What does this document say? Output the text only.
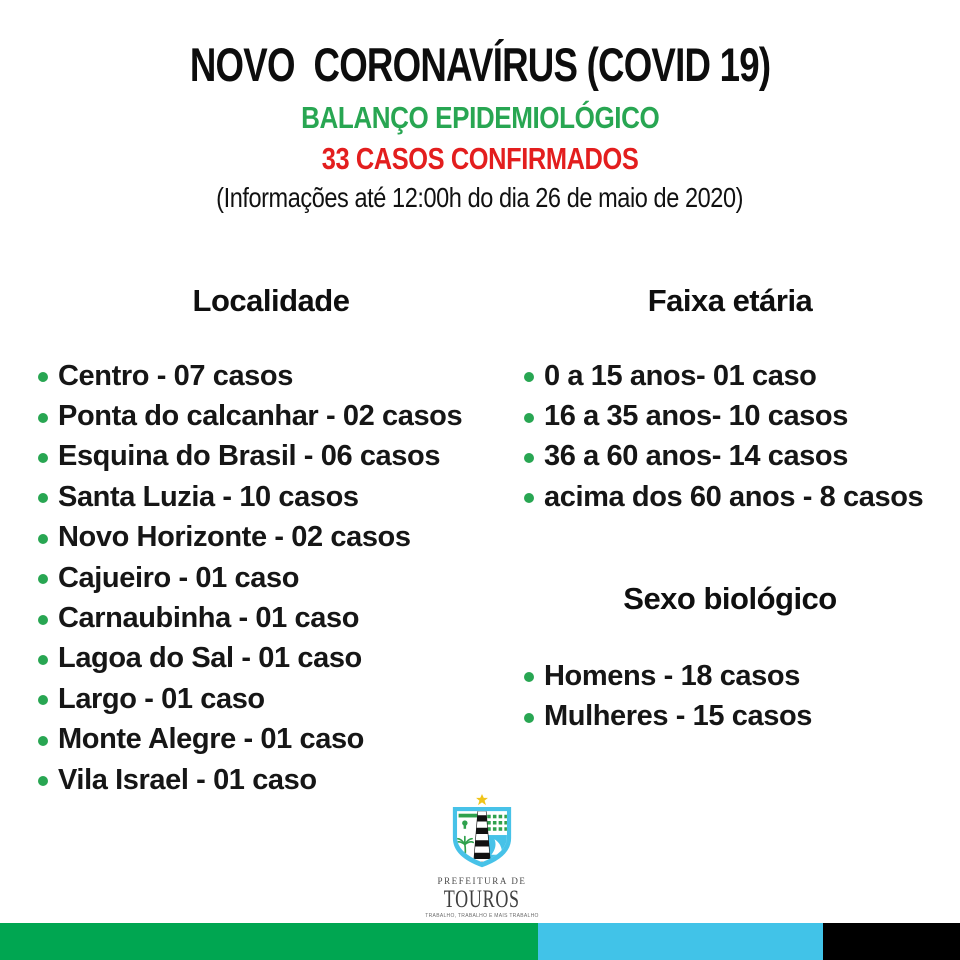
NOVO  CORONAVÍRUS (COVID 19)
BALANÇO EPIDEMIOLÓGICO
33 CASOS CONFIRMADOS
(Informações até 12:00h do dia 26 de maio de 2020)
Localidade	Faixa etária
Sexo biológico
Centro - 07 casos
Ponta do calcanhar - 02 casos
Esquina do Brasil - 06 casos
Santa Luzia - 10 casos
Novo Horizonte - 02 casos
Cajueiro - 01 caso
Carnaubinha - 01 caso
Lagoa do Sal - 01 caso
Largo - 01 caso
Monte Alegre - 01 caso
Vila Israel - 01 caso
0 a 15 anos- 01 caso
16 a 35 anos- 10 casos
36 a 60 anos- 14 casos
acima dos 60 anos - 8 casos
Homens - 18 casos
Mulheres - 15 casos
PREFEITURA DE
TOUROS
TRABALHO, TRABALHO E MAIS TRABALHO
